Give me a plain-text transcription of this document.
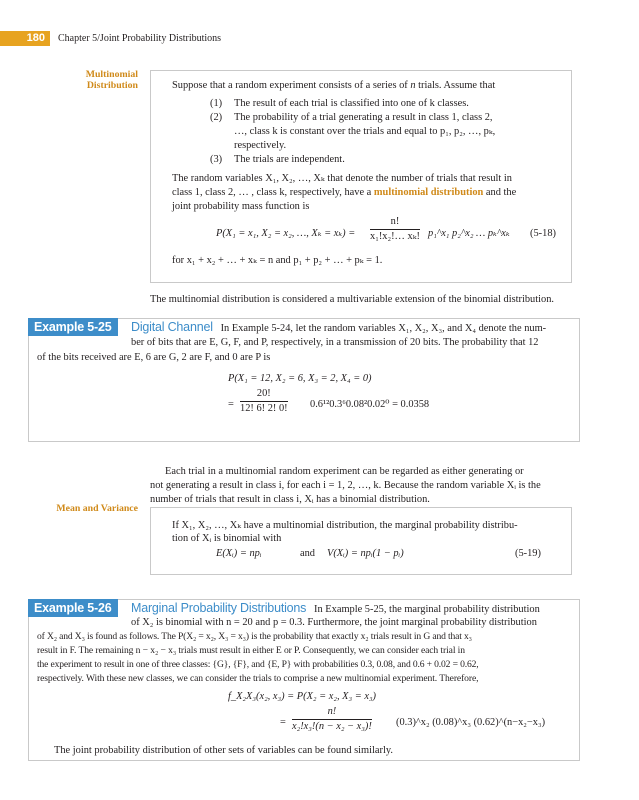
180	Chapter 5/Joint Probability Distributions
Multinomial
Distribution	Suppose that a random experiment consists of a series of n trials. Assume that
(1) The result of each trial is classified into one of k classes.
(2) The probability of a trial generating a result in class 1, class 2,
…, class k is constant over the trials and equal to p₁, p₂, …, pₖ,
respectively.
(3) The trials are independent.
The random variables X₁, X₂, …, Xₖ that denote the number of trials that result in
class 1, class 2, … , class k, respectively, have a multinomial distribution and the
joint probability mass function is
P(X₁ = x₁, X₂ = x₂, …, $X_k = x_k) = \frac{n!}{\text{x₁!x₂!… xₖ!}}$ p₁^x₁ p₂^x₂ … pₖ^xₖ (5-18)
for x₁ + x₂ + … + xₖ = n and p₁ + p₂ + … + pₖ = 1.
The multinomial distribution is considered a multivariable extension of the binomial distribution.
Example 5-25	Digital Channel In Example 5-24, let the random variables X₁, X₂, X₃, and X₄ denote the num-
ber of bits that are E, G, F, and P, respectively, in a transmission of 20 bits. The probability that 12
of the bits received are E, 6 are G, 2 are F, and 0 are P is
P(X₁ = 12, X₂ = 6, X₃ = 2, X₄ = 0)
= $\frac{20!}{12! 6! 2! 0!} 0.6^{12}0.3^60.08^20.02^0 = 0.0358$
Each trial in a multinomial random experiment can be regarded as either generating or
not generating a result in class i, for each i = 1, 2, …, k. Because the random variable Xᵢ is the
number of trials that result in class i, Xᵢ has a binomial distribution.
Mean and Variance
If X₁, X₂, …, Xₖ have a multinomial distribution, the marginal probability distribu-
tion of Xᵢ is binomial with
E(Xᵢ) = npᵢ	and V(Xᵢ) = npᵢ(1 − pᵢ)	(5-19)
Example 5-26	Marginal Probability Distributions In Example 5-25, the marginal probability distribution
of X₂ is binomial with n = 20 and p = 0.3. Furthermore, the joint marginal probability distribution
of X₂ and X₃ is found as follows. The P(X₂ = x₂, X₃ = x₃) is the probability that exactly x₂ trials result in G and that x₃
result in F. The remaining n − x₂ − x₃ trials must result in either E or P. Consequently, we can consider each trial in
the experiment to result in one of three classes: {G}, {F}, and {E, P} with probabilities 0.3, 0.08, and 0.6 + 0.02 = 0.62,
respectively. With these new classes, we can consider the trials to comprise a new multinomial experiment. Therefore,
f_X₂X₃(x₂, x₃) = P(X₂ = x₂, X₃ = x₃)
= $\frac{n!}{\text{x₂!x₃!(n − x₂ − x₃)!}}$ (0.3)^x₂ (0.08)^x₃ (0.62)^(n−x₂−x₃)
The joint probability distribution of other sets of variables can be found similarly.
